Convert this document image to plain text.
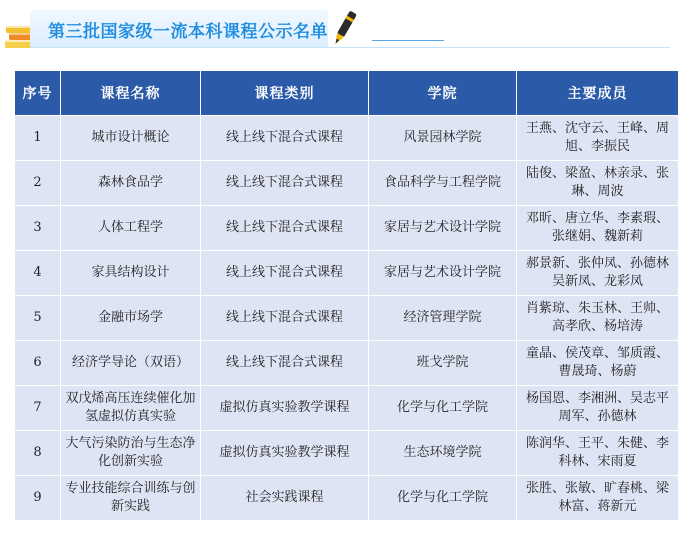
第三批国家级一流本科课程公示名单
序号	课程名称	课程类别	学院	主要成员
1	城市设计概论	线上线下混合式课程	风景园林学院	王燕、沈守云、王峰、周旭、李振民
2	森林食品学	线上线下混合式课程	食品科学与工程学院	陆俊、梁盈、林亲录、张琳、周波
3	人体工程学	线上线下混合式课程	家居与艺术设计学院	邓昕、唐立华、李素瑕、张继娟、魏新莉
4	家具结构设计	线上线下混合式课程	家居与艺术设计学院	郝景新、张仲凤、孙德林吴新凤、龙彩凤
5	金融市场学	线上线下混合式课程	经济管理学院	肖紫琼、朱玉林、王帅、高孝欣、杨培涛
6	经济学导论（双语）	线上线下混合式课程	班戈学院	童晶、侯茂章、邹质霞、曹晟琦、杨蔚
7	双戊烯高压连续催化加氢虚拟仿真实验	虚拟仿真实验教学课程	化学与化工学院	杨国恩、李湘洲、吴志平周军、孙德林
8	大气污染防治与生态净化创新实验	虚拟仿真实验教学课程	生态环境学院	陈润华、王平、朱健、李科林、宋雨夏
9	专业技能综合训练与创新实践	社会实践课程	化学与化工学院	张胜、张敏、旷春桃、梁林富、蒋新元
